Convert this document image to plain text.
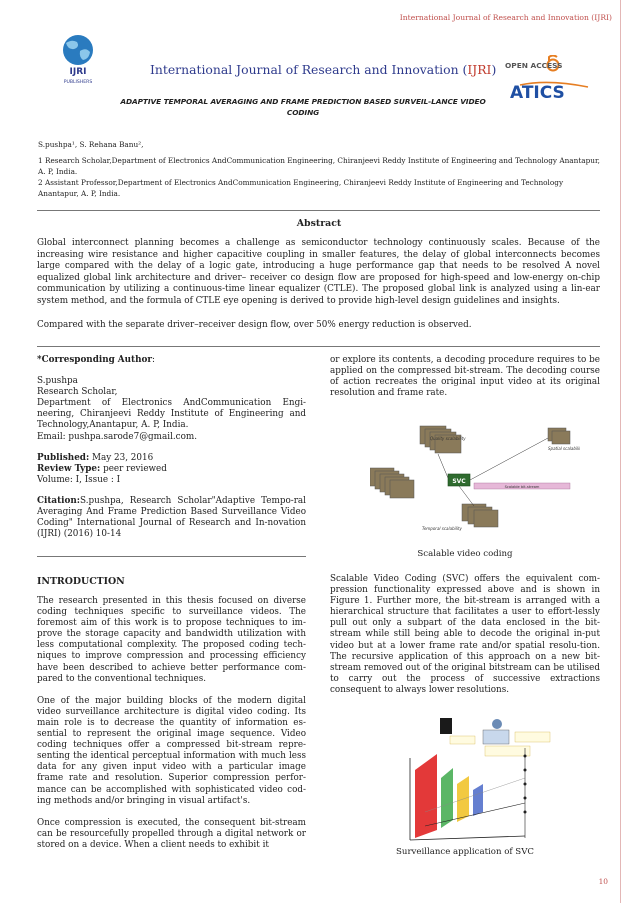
International Journal of Research and Innovation (IJRI)
IJRI
PUBLISHERS
International Journal of Research and Innovation (IJRI) OPEN ACCESS
ATICS
ADAPTIVE TEMPORAL AVERAGING AND FRAME PREDICTION BASED SURVEIL-LANCE VIDEO CODING
S.pushpa¹, S. Rehana Banu²,
1 Research Scholar,Department of Electronics AndCommunication Engineering, Chiranjeevi Reddy Institute of Engineering and Technology Anantapur, A. P, India.
2 Assistant Professor,Department of Electronics AndCommunication Engineering, Chiranjeevi Reddy Institute of Engineering and Technology Anantapur, A. P, India.
Abstract

Global interconnect planning becomes a challenge as semiconductor technology continuously scales. Because of the increasing wire resistance and higher capacitive coupling in smaller features, the delay of global interconnects becomes large compared with the delay of a logic gate, introducing a huge performance gap that needs to be resolved A novel equalized global link architecture and driver– receiver co design flow are proposed for high-speed and low-energy on-chip communication by utilizing a continuous-time linear equalizer (CTLE). The proposed global link is analyzed using a lin-ear system method, and the formula of CTLE eye opening is derived to provide high-level design guidelines and insights.

Compared with the separate driver–receiver design flow, over 50% energy reduction is observed.

*Corresponding Author:

S.pushpa

Research Scholar,

Department of Electronics AndCommunication Engi-neering, Chiranjeevi Reddy Institute of Engineering and Technology,Anantapur, A. P, India.

Email: pushpa.sarode7@gmail.com.

Published: May 23, 2016

Review Type: peer reviewed

Volume: I, Issue : I

Citation:S.pushpa, Research Scholar"Adaptive Tempo-ral Averaging And Frame Prediction Based Surveillance Video Coding" International Journal of Research and In-novation (IJRI) (2016) 10-14

INTRODUCTION

The research presented in this thesis focused on diverse coding techniques specific to surveillance videos. The foremost aim of this work is to propose techniques to im-prove the storage capacity and bandwidth utilization with less computational complexity. The proposed coding tech-niques to improve compression and processing efficiency have been described to achieve better performance com-pared to the conventional techniques.

One of the major building blocks of the modern digital video surveillance architecture is digital video coding. Its main role is to decrease the quantity of information es-sential to represent the original image sequence. Video coding techniques offer a compressed bit-stream repre-senting the identical perceptual information with much less data for any given input video with a particular image frame rate and resolution. Superior compression perfor-mance can be accomplished with sophisticated video cod-ing methods and/or bringing in visual artifact's.

Once compression is executed, the consequent bit-stream can be resourcefully propelled through a digital network or stored on a device. When a client needs to exhibit it

or explore its contents, a decoding procedure requires to be applied on the compressed bit-stream. The decoding course of action recreates the original input video at its original resolution and frame rate.
SVC
Scalable bit-stream
Quality scalability
Spatial scalability
Temporal scalability
Scalable video coding
Scalable Video Coding (SVC) offers the equivalent com-pression functionality expressed above and is shown in Figure 1. Further more, the bit-stream is arranged with a hierarchical structure that facilitates a user to effort-lessly pull out only a subpart of the data enclosed in the bit-stream while still being able to decode the original in-put video but at a lower frame rate and/or spatial resolu-tion. The recursive application of this approach on a new bit-stream removed out of the original bitstream can be utilised to carry out the process of successive extractions consequent to always lower resolutions.
Surveillance application of SVC
10
